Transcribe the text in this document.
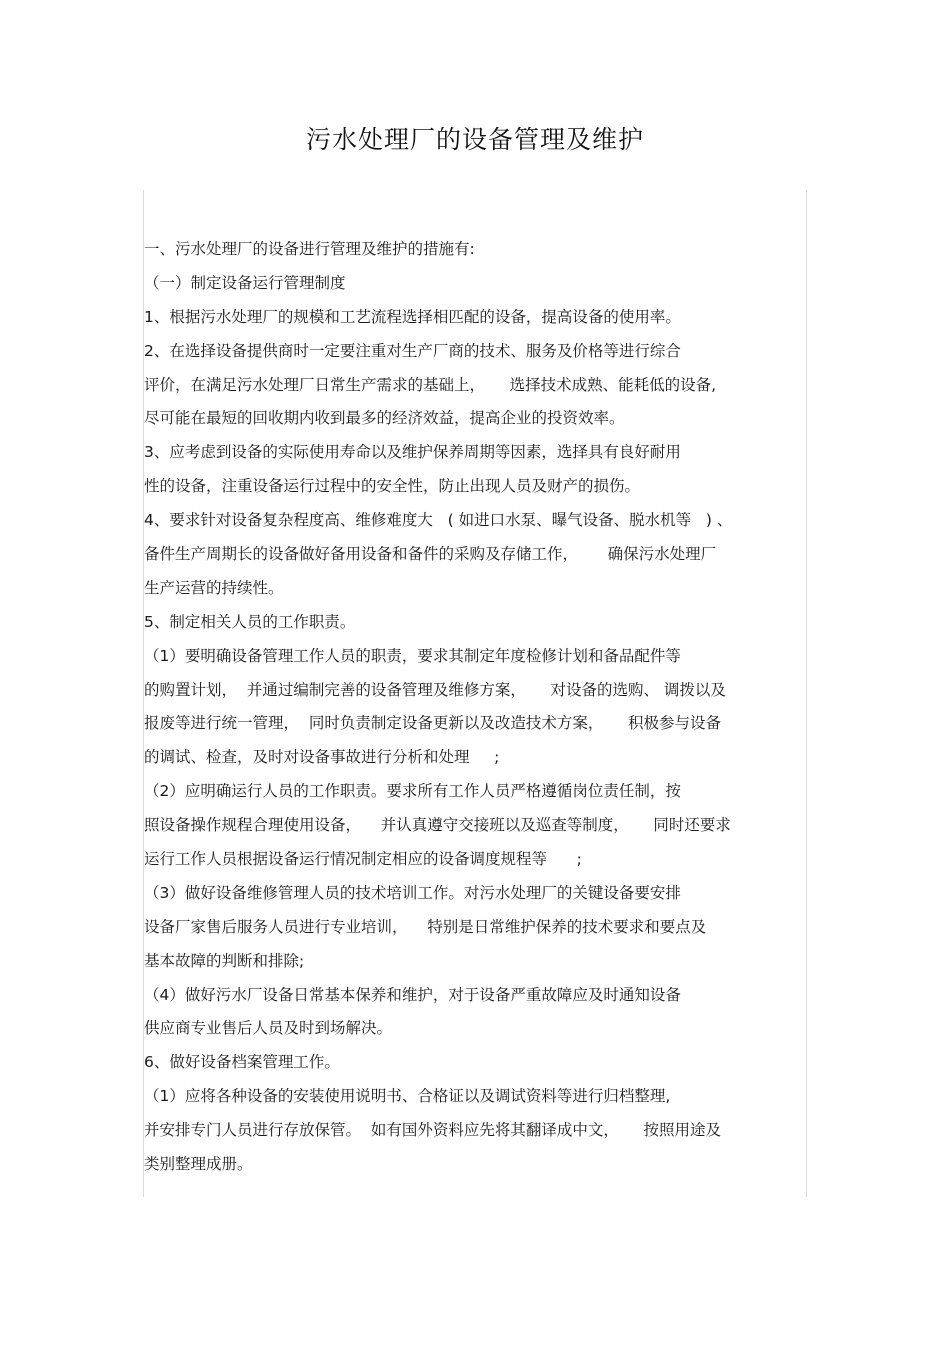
污水处理厂的设备管理及维护
一、污水处理厂的设备进行管理及维护的措施有:
（一）制定设备运行管理制度
1、根据污水处理厂的规模和工艺流程选择相匹配的设备，提高设备的使用率。
2、在选择设备提供商时一定要注重对生产厂商的技术、服务及价格等进行综合
评价，在满足污水处理厂日常生产需求的基础上，     选择技术成熟、能耗低的设备,
尽可能在最短的回收期内收到最多的经济效益，提高企业的投资效率。
3、应考虑到设备的实际使用寿命以及维护保养周期等因素，选择具有良好耐用
性的设备，注重设备运行过程中的安全性，防止出现人员及财产的损伤。
4、要求针对设备复杂程度高、维修难度大   ( 如进口水泵、曝气设备、脱水机等   ) 、
备件生产周期长的设备做好备用设备和备件的采购及存储工作，      确保污水处理厂
生产运营的持续性。
5、制定相关人员的工作职责。
（1）要明确设备管理工作人员的职责，要求其制定年度检修计划和备品配件等
的购置计划，  并通过编制完善的设备管理及维修方案，     对设备的选购、 调拨以及
报废等进行统一管理，  同时负责制定设备更新以及改造技术方案，     积极参与设备
的调试、检查，及时对设备事故进行分析和处理     ;
（2）应明确运行人员的工作职责。要求所有工作人员严格遵循岗位责任制，按
照设备操作规程合理使用设备，    并认真遵守交接班以及巡查等制度，     同时还要求
运行工作人员根据设备运行情况制定相应的设备调度规程等      ;
（3）做好设备维修管理人员的技术培训工作。对污水处理厂的关键设备要安排
设备厂家售后服务人员进行专业培训，    特别是日常维护保养的技术要求和要点及
基本故障的判断和排除;
（4）做好污水厂设备日常基本保养和维护，对于设备严重故障应及时通知设备
供应商专业售后人员及时到场解决。
6、做好设备档案管理工作。
（1）应将各种设备的安装使用说明书、合格证以及调试资料等进行归档整理,
并安排专门人员进行存放保管。  如有国外资料应先将其翻译成中文，     按照用途及
类别整理成册。
